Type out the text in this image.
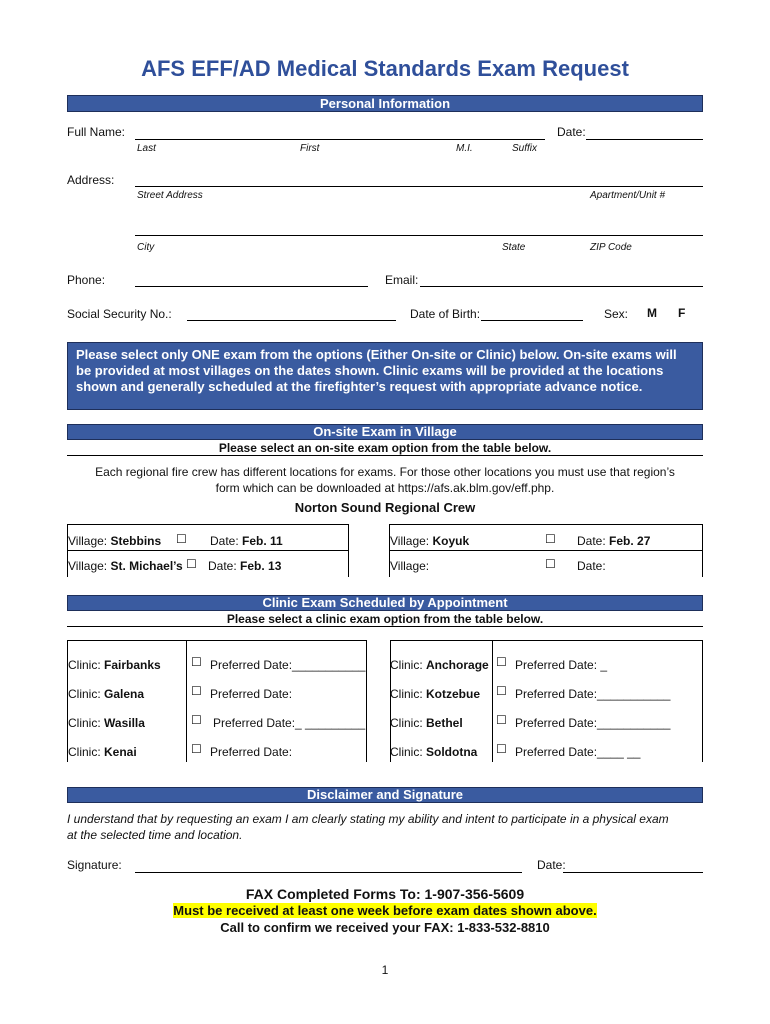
AFS EFF/AD Medical Standards Exam Request
Personal Information
Full Name:	Date:
Last	First	M.I.	Suffix
Address:
Street Address	Apartment/Unit #
City	State	ZIP Code
Phone:	Email:
Social Security No.:	Date of Birth:	Sex: M F
Please select only ONE exam from the options (Either On-site or Clinic) below. On-site exams will be provided at most villages on the dates shown. Clinic exams will be provided at the locations shown and generally scheduled at the firefighter’s request with appropriate advance notice.
On-site Exam in Village
Please select an on-site exam option from the table below.
Each regional fire crew has different locations for exams. For those other locations you must use that region’s
form which can be downloaded at https://afs.ak.blm.gov/eff.php.
Norton Sound Regional Crew
Village: Stebbins ☐ Date: Feb. 11	Village: Koyuk	☐ Date: Feb. 27
Village: St. Michael’s ☐ Date: Feb. 13	Village:	☐ Date:
Clinic Exam Scheduled by Appointment
Please select a clinic exam option from the table below.
Clinic: Fairbanks	☐ Preferred Date:___________ Clinic: Anchorage ☐ Preferred Date: _
Clinic: Galena	☐ Preferred Date:	Clinic: Kotzebue ☐ Preferred Date:___________
Clinic: Wasilla	☐ Preferred Date:_ _________ Clinic: Bethel	☐ Preferred Date:___________
Clinic: Kenai	☐ Preferred Date:	Clinic: Soldotna ☐ Preferred Date:____ __
Disclaimer and Signature
I understand that by requesting an exam I am clearly stating my ability and intent to participate in a physical exam
at the selected time and location.
Signature:	Date:
FAX Completed Forms To: 1-907-356-5609
Must be received at least one week before exam dates shown above.
Call to confirm we received your FAX: 1-833-532-8810
1
